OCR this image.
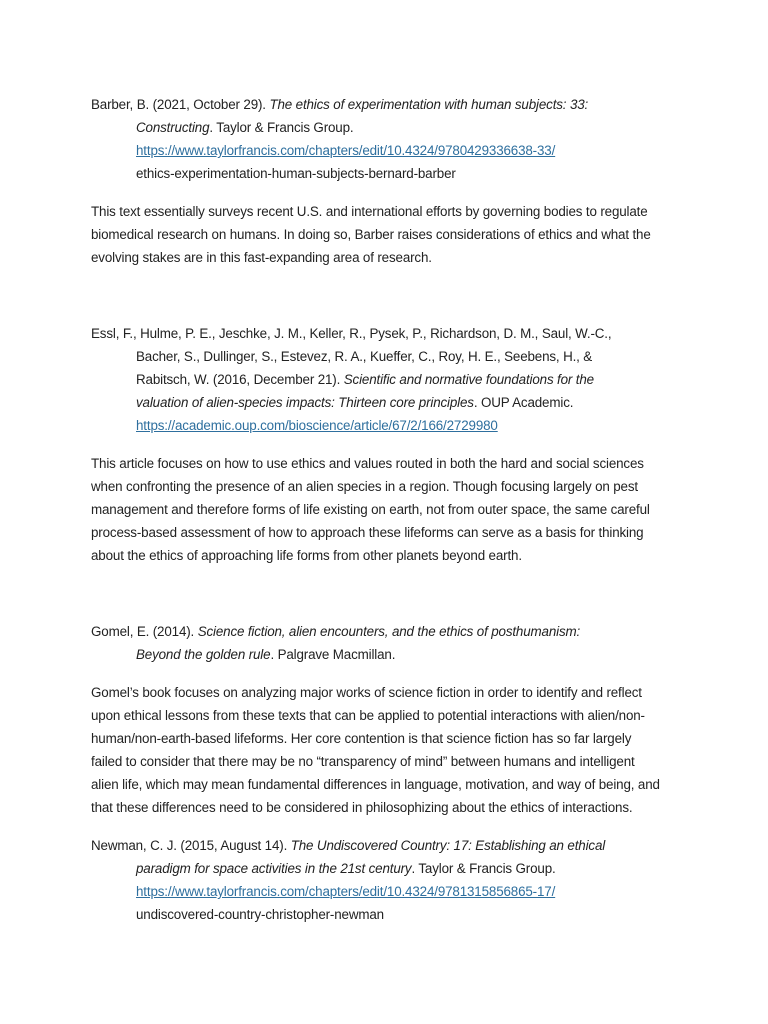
Barber, B. (2021, October 29). The ethics of experimentation with human subjects: 33:
Constructing. Taylor & Francis Group.
https://www.taylorfrancis.com/chapters/edit/10.4324/9780429336638-33/
ethics-experimentation-human-subjects-bernard-barber

This text essentially surveys recent U.S. and international efforts by governing bodies to regulate
biomedical research on humans. In doing so, Barber raises considerations of ethics and what the
evolving stakes are in this fast-expanding area of research.

Essl, F., Hulme, P. E., Jeschke, J. M., Keller, R., Pysek, P., Richardson, D. M., Saul, W.-C.,
Bacher, S., Dullinger, S., Estevez, R. A., Kueffer, C., Roy, H. E., Seebens, H., &
Rabitsch, W. (2016, December 21). Scientific and normative foundations for the
valuation of alien-species impacts: Thirteen core principles. OUP Academic.
https://academic.oup.com/bioscience/article/67/2/166/2729980

This article focuses on how to use ethics and values routed in both the hard and social sciences
when confronting the presence of an alien species in a region. Though focusing largely on pest
management and therefore forms of life existing on earth, not from outer space, the same careful
process-based assessment of how to approach these lifeforms can serve as a basis for thinking
about the ethics of approaching life forms from other planets beyond earth.

Gomel, E. (2014). Science fiction, alien encounters, and the ethics of posthumanism:
Beyond the golden rule. Palgrave Macmillan.

Gomel’s book focuses on analyzing major works of science fiction in order to identify and reflect
upon ethical lessons from these texts that can be applied to potential interactions with alien/non-
human/non-earth-based lifeforms. Her core contention is that science fiction has so far largely
failed to consider that there may be no “transparency of mind” between humans and intelligent
alien life, which may mean fundamental differences in language, motivation, and way of being, and
that these differences need to be considered in philosophizing about the ethics of interactions.

Newman, C. J. (2015, August 14). The Undiscovered Country: 17: Establishing an ethical
paradigm for space activities in the 21st century. Taylor & Francis Group.
https://www.taylorfrancis.com/chapters/edit/10.4324/9781315856865-17/
undiscovered-country-christopher-newman
